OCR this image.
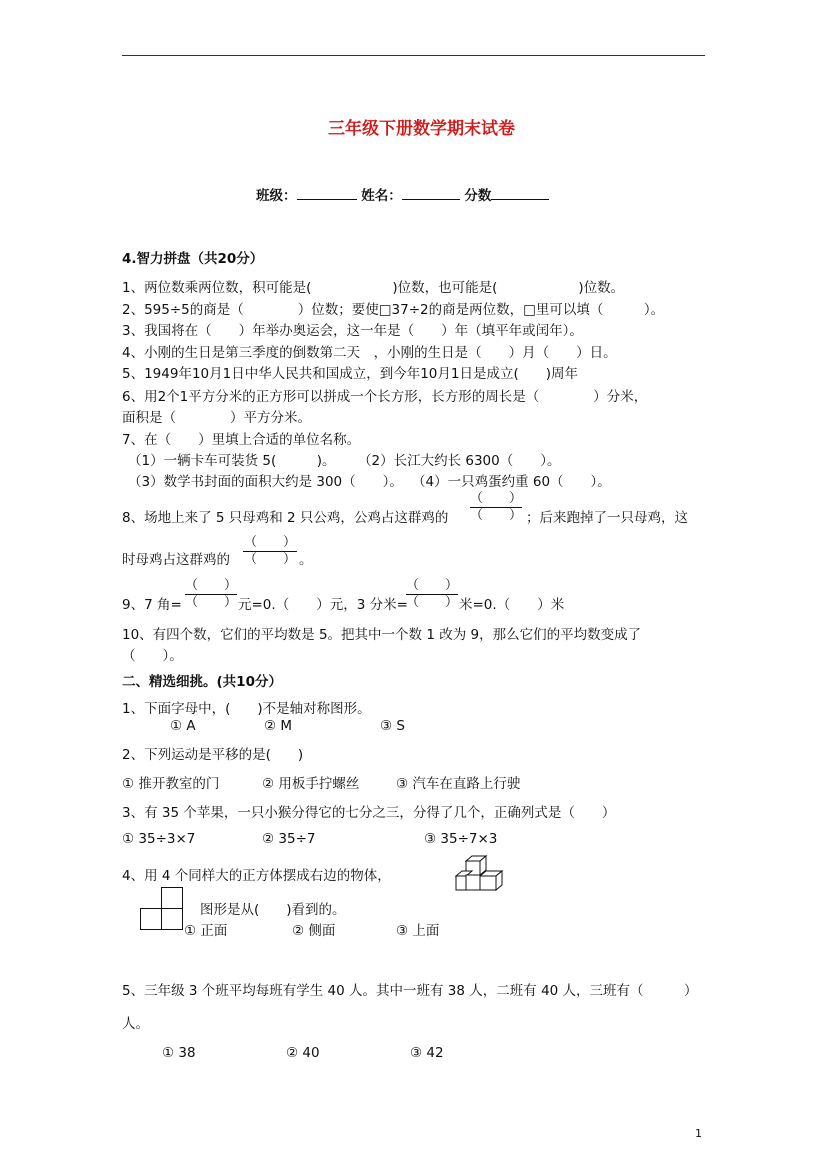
三年级下册数学期末试卷
班级：	姓名：	分数
4.智力拼盘（共20分）
1、两位数乘两位数，积可能是(　　　　　　)位数，也可能是(　　　　　　)位数。
2、595÷5的商是（　　　　）位数；要使□37÷2的商是两位数，□里可以填（　　　）。
3、我国将在（　　）年举办奥运会，这一年是（　　）年（填平年或闰年）。
4、小刚的生日是第三季度的倒数第二天　，小刚的生日是（　　）月（　　）日。
5、1949年10月1日中华人民共和国成立，到今年10月1日是成立(　　)周年
6、用2个1平方分米的正方形可以拼成一个长方形，长方形的周长是（　　　　）分米，
面积是（　　　　）平方分米。
7、在（　　）里填上合适的单位名称。
（1）一辆卡车可装货 5(　　　)。 （2）长江大约长 6300（　　）。
（3）数学书封面的面积大约是 300（　　）。 （4）一只鸡蛋约重 60（　　）。
8、场地上来了 5 只母鸡和 2 只公鸡，公鸡占这群鸡的
（　　）
（　　） ；后来跑掉了一只母鸡，这
时母鸡占这群鸡的
（　　）
（　　） 。
9、7 角=
（　　）
（　　） 元=0.（　　）元，3 分米=
（　　）
（　　） 米=0.（　　）米
10、有四个数，它们的平均数是 5。把其中一个数 1 改为 9，那么它们的平均数变成了
（　　）。
二、精选细挑。(共10分）
1、下面字母中，(　　)不是轴对称图形。
① A	② M	③ S
2、下列运动是平移的是(　　)
① 推开教室的门	② 用板手拧螺丝	③ 汽车在直路上行驶
3、有 35 个苹果，一只小猴分得它的七分之三，分得了几个，正确列式是（　　）
① 35÷3×7	② 35÷7	③ 35÷7×3
4、用 4 个同样大的正方体摆成右边的物体，
图形是从(　　)看到的。
① 正面	② 侧面	③ 上面
5、三年级 3 个班平均每班有学生 40 人。其中一班有 38 人，二班有 40 人，三班有（　　　）
人。
① 38	② 40	③ 42
1
